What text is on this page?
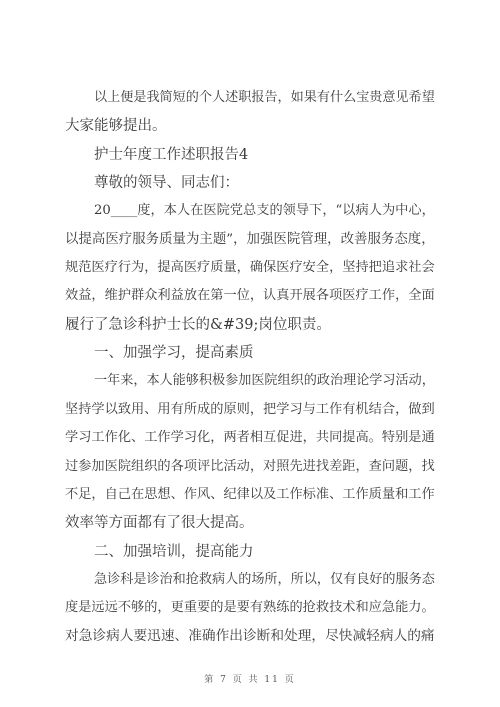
以上便是我简短的个人述职报告，如果有什么宝贵意见希望
大家能够提出。
护士年度工作述职报告4
尊敬的领导、同志们：
20____度，本人在医院党总支的领导下，“以病人为中心，
以提高医疗服务质量为主题”，加强医院管理，改善服务态度，
规范医疗行为，提高医疗质量，确保医疗安全，坚持把追求社会
效益，维护群众利益放在第一位，认真开展各项医疗工作，全面
履行了急诊科护士长的&#39;岗位职责。
一、加强学习，提高素质
一年来，本人能够积极参加医院组织的政治理论学习活动，
坚持学以致用、用有所成的原则，把学习与工作有机结合，做到
学习工作化、工作学习化，两者相互促进，共同提高。特别是通
过参加医院组织的各项评比活动，对照先进找差距，查问题，找
不足，自己在思想、作风、纪律以及工作标准、工作质量和工作
效率等方面都有了很大提高。
二、加强培训，提高能力
急诊科是诊治和抢救病人的场所，所以，仅有良好的服务态
度是远远不够的，更重要的是要有熟练的抢救技术和应急能力。
对急诊病人要迅速、准确作出诊断和处理，尽快减轻病人的痛
第 7 页 共 11 页
